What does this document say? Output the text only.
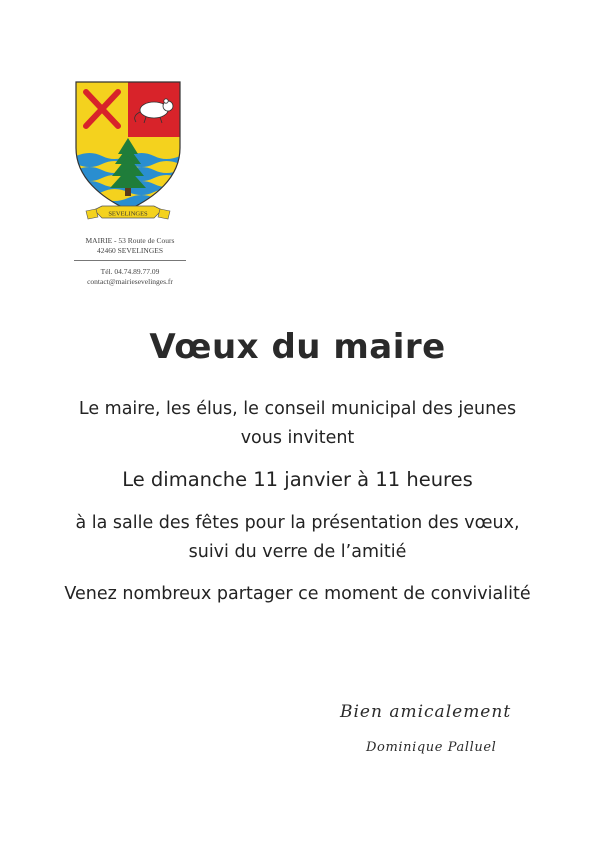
SEVELINGES
MAIRIE - 53 Route de Cours
42460 SEVELINGES
Tél. 04.74.89.77.09
contact@mairiesevelinges.fr
Vœux du maire
Le maire, les élus, le conseil municipal des jeunes vous invitent
Le dimanche 11 janvier à 11 heures
à la salle des fêtes pour la présentation des vœux, suivi du verre de l’amitié
Venez nombreux partager ce moment de convivialité
Bien amicalement
Dominique Palluel
